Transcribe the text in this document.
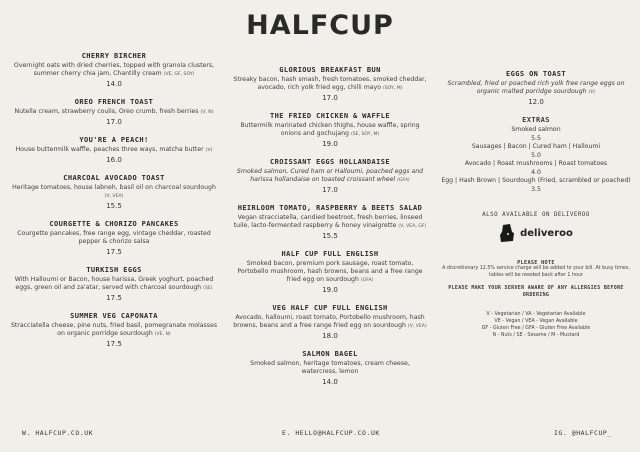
HALFCUP
CHERRY BIRCHER
Overnight oats with dried cherries, topped with granola clusters, summer cherry chia jam, Chantilly cream (VE, GF, SOY)
14.0
OREO FRENCH TOAST
Nutella cream, strawberry coulis, Oreo crumb, fresh berries (V, N)
17.0
YOU'RE A PEACH!
House buttermilk waffle, peaches three ways, matcha butter (V)
16.0
CHARCOAL AVOCADO TOAST
Heritage tomatoes, house labneh, basil oil on charcoal sourdough (V, VEA)
15.5
COURGETTE & CHORIZO PANCAKES
Courgette pancakes, free range egg, vintage cheddar, roasted pepper & chorizo salsa
17.5
TURKISH EGGS
With Halloumi or Bacon, house harissa, Greek yoghurt, poached eggs, green oil and za'atar, served with charcoal sourdough (SE)
17.5
SUMMER VEG CAPONATA
Stracciatella cheese, pine nuts, fried basil, pomegranate molasses on organic porridge sourdough (VE, N)
17.5
GLORIOUS BREAKFAST BUN
Streaky bacon, hash smash, fresh tomatoes, smoked cheddar, avocado, rich yolk fried egg, chilli mayo (SOY, M)
17.0
THE FRIED CHICKEN & WAFFLE
Buttermilk marinated chicken thighs, house waffle, spring onions and gochujang (SE, SOY, M)
19.0
CROISSANT EGGS HOLLANDAISE
Smoked salmon, Cured ham or Halloumi, poached eggs and harissa hollandaise on toasted croissant wheel (GFA)
17.0
HEIRLOOM TOMATO, RASPBERRY & BEETS SALAD
Vegan stracciatella, candied beetroot, fresh berries, linseed tuile, lacto-fermented raspberry & honey vinaigrette (V, VEA, GF)
15.5
HALF CUP FULL ENGLISH
Smoked bacon, premium pork sausage, roast tomato, Portobello mushroom, hash browns, beans and a free range fried egg on sourdough (GFA)
19.0
VEG HALF CUP FULL ENGLISH
Avocado, halloumi, roast tomato, Portobello mushroom, hash browns, beans and a free range fried egg on sourdough (V, VEA)
18.0
SALMON BAGEL
Smoked salmon, heritage tomatoes, cream cheese, watercress, lemon
14.0
EGGS ON TOAST
Scrambled, fried or poached rich yolk free range eggs on organic malted porridge sourdough (V)
12.0
EXTRAS
Smoked salmon
5.5
Sausages | Bacon | Cured ham | Halloumi
5.0
Avocado | Roast mushrooms | Roast tomatoes
4.0
Egg | Hash Brown | Sourdough (Fried, scrambled or poached)
3.5
ALSO AVAILABLE ON DELIVEROO
deliveroo
PLEASE NOTE
A discretionary 12.5% service charge will be added to your bill. At busy times, tables will be needed back after 1 hour
PLEASE MAKE YOUR SERVER AWARE OF ANY ALLERGIES BEFORE ORDERING
V - Vegetarian / VA - Vegetarian Available
VE - Vegan / VEA - Vegan Available
GF - Gluten Free / GFA - Gluten Free Available
N - Nuts / SE - Sesame / M - Mustard
W. HALFCUP.CO.UK	E. HELLO@HALFCUP.CO.UK	IG. @HALFCUP_
